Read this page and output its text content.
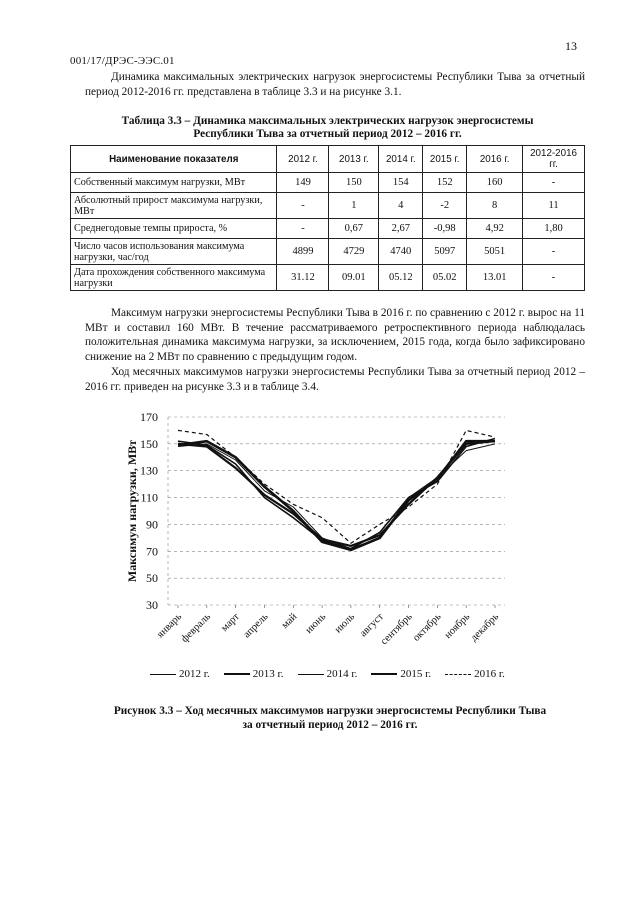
13
001/17/ДРЭС-ЭЭС.01
Динамика максимальных электрических нагрузок энергосистемы Республики Тыва за отчетный период 2012-2016 гг. представлена в таблице 3.3 и на рисунке 3.1.
Таблица 3.3 – Динамика максимальных электрических нагрузок энергосистемы
Республики Тыва за отчетный период 2012 – 2016 гг.
Наименование показателя	2012 г.	2013 г.	2014 г.	2015 г.	2016 г.	2012-2016 гг.
Собственный максимум нагрузки, МВт	149	150	154	152	160	-
Абсолютный прирост максимума нагрузки, МВт	-	1	4	-2	8	11
Среднегодовые темпы прироста, %	-	0,67	2,67	-0,98	4,92	1,80
Число часов использования максимума нагрузки, час/год	4899	4729	4740	5097	5051	-
Дата прохождения собственного максимума нагрузки	31.12	09.01	05.12	05.02	13.01	-
Максимум нагрузки энергосистемы Республики Тыва в 2016 г. по сравнению с 2012 г. вырос на 11 МВт и составил 160 МВт. В течение рассматриваемого ретроспективного периода наблюдалась положительная динамика максимума нагрузки, за исключением, 2015 года, когда было зафиксировано снижение на 2 МВт по сравнению с предыдущим годом.
Ход месячных максимумов нагрузки энергосистемы Республики Тыва за отчетный период 2012 – 2016 гг. приведен на рисунке 3.3 и в таблице 3.4.
30
50
70
90
110
130
150
170
январь
февраль март апрель май июнь июль август
сентябрь
октябрь ноябрь
декабрь
Максимум нагрузки, МВт
2012 г.	2013 г.	2014 г.	2015 г.	2016 г.
Рисунок 3.3 – Ход месячных максимумов нагрузки энергосистемы Республики Тыва
за отчетный период 2012 – 2016 гг.
